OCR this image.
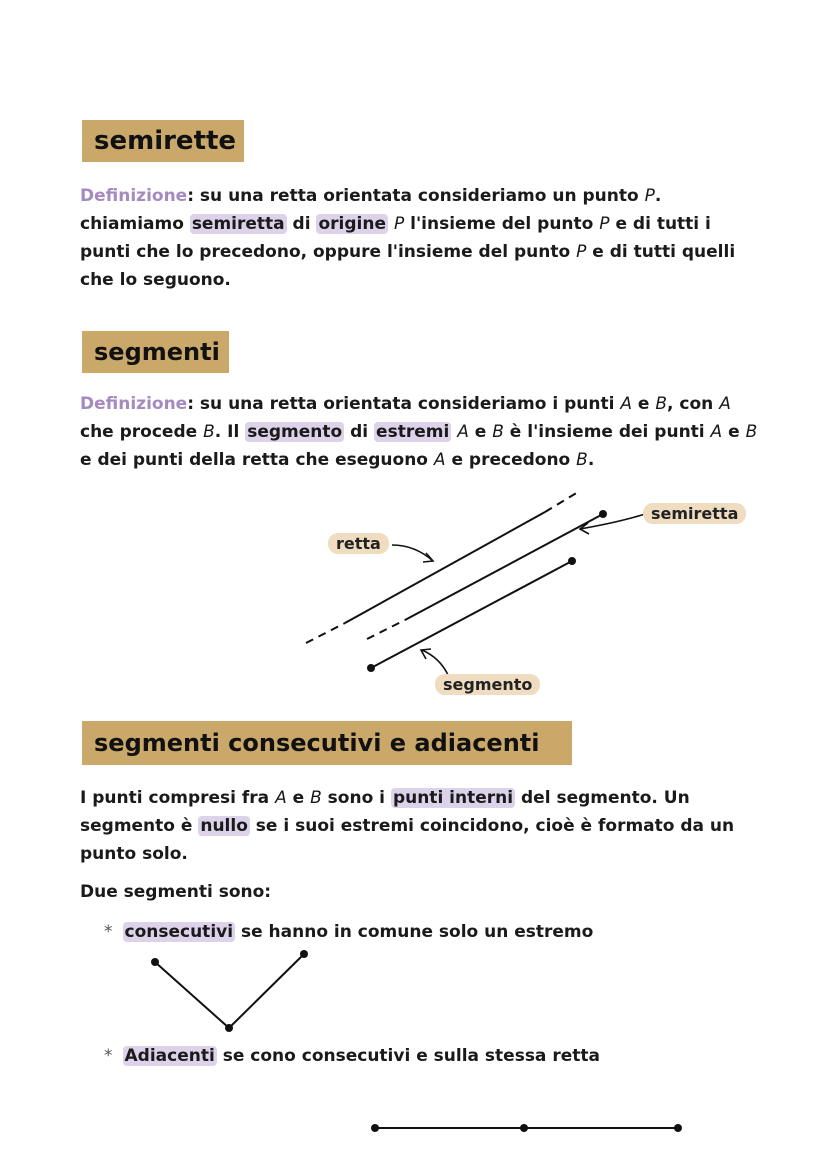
semirette
Definizione: su una retta orientata consideriamo un punto P. chiamiamo semiretta di origine P l'insieme del punto P e di tutti i punti che lo precedono, oppure l'insieme del punto P e di tutti quelli che lo seguono.
segmenti
Definizione: su una retta orientata consideriamo i punti A e B, con A che procede B. Il segmento di estremi A e B è l'insieme dei punti A e B e dei punti della retta che eseguono A e precedono B.
retta
semiretta
segmento
segmenti consecutivi e adiacenti
I punti compresi fra A e B sono i punti interni del segmento. Un segmento è nullo se i suoi estremi coincidono, cioè è formato da un punto solo.
Due segmenti sono:
* consecutivi se hanno in comune solo un estremo
* Adiacenti se cono consecutivi e sulla stessa retta
